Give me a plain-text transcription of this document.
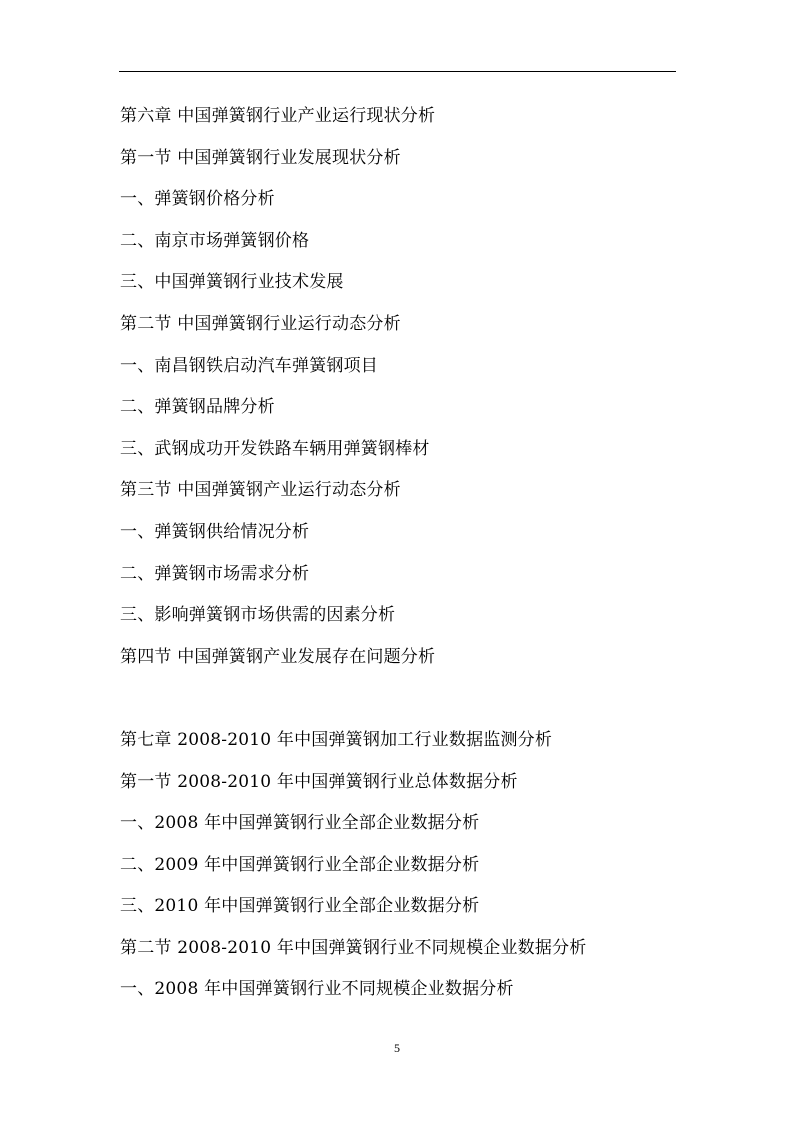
第六章 中国弹簧钢行业产业运行现状分析
第一节 中国弹簧钢行业发展现状分析
一、弹簧钢价格分析
二、南京市场弹簧钢价格
三、中国弹簧钢行业技术发展
第二节 中国弹簧钢行业运行动态分析
一、南昌钢铁启动汽车弹簧钢项目
二、弹簧钢品牌分析
三、武钢成功开发铁路车辆用弹簧钢棒材
第三节 中国弹簧钢产业运行动态分析
一、弹簧钢供给情况分析
二、弹簧钢市场需求分析
三、影响弹簧钢市场供需的因素分析
第四节 中国弹簧钢产业发展存在问题分析
第七章 2008-2010 年中国弹簧钢加工行业数据监测分析
第一节 2008-2010 年中国弹簧钢行业总体数据分析
一、2008 年中国弹簧钢行业全部企业数据分析
二、2009 年中国弹簧钢行业全部企业数据分析
三、2010 年中国弹簧钢行业全部企业数据分析
第二节 2008-2010 年中国弹簧钢行业不同规模企业数据分析
一、2008 年中国弹簧钢行业不同规模企业数据分析
5
